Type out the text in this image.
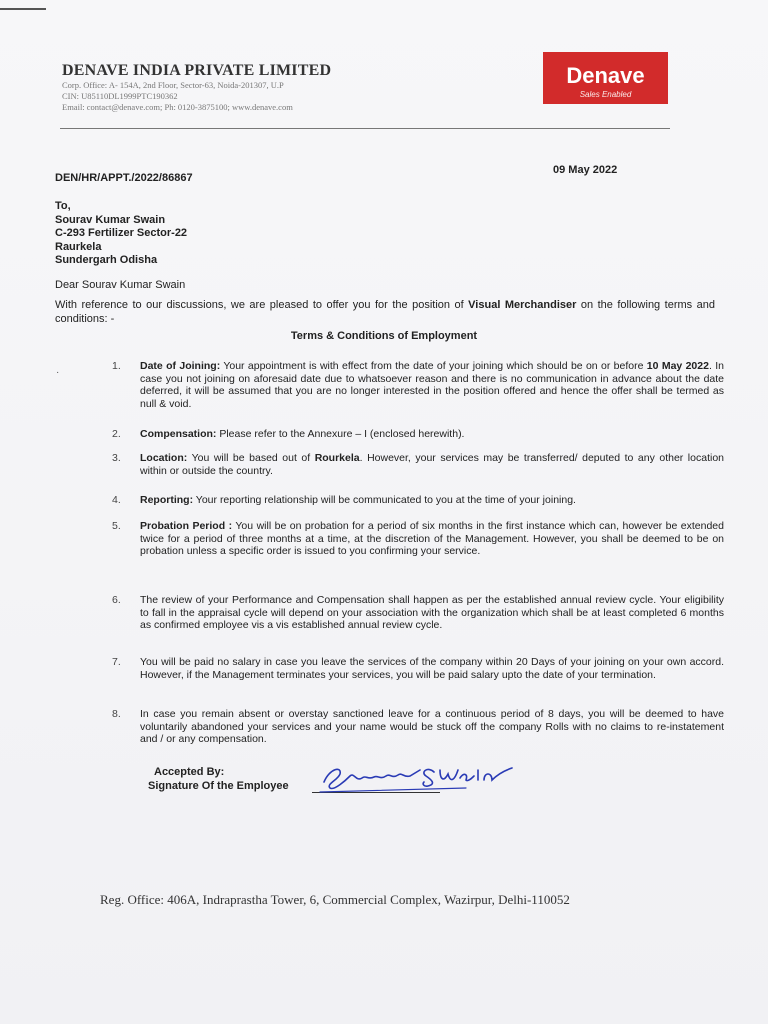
DENAVE INDIA PRIVATE LIMITED
Corp. Office: A- 154A, 2nd Floor, Sector-63, Noida-201307, U.P
CIN: U85110DL1999PTC190362
Email: contact@denave.com; Ph: 0120-3875100; www.denave.com
Denave
Sales Enabled
DEN/HR/APPT./2022/86867
09 May 2022
To,
Sourav Kumar Swain
C-293 Fertilizer Sector-22
Raurkela
Sundergarh Odisha
Dear Sourav Kumar Swain
With reference to our discussions, we are pleased to offer you for the position of Visual Merchandiser on the following terms and conditions: -
Terms & Conditions of Employment
·
1.	Date of Joining: Your appointment is with effect from the date of your joining which should be on or before 10 May 2022. In case you not joining on aforesaid date due to whatsoever reason and there is no communication in advance about the date deferred, it will be assumed that you are no longer interested in the position offered and hence the offer shall be termed as null & void.
2.	Compensation: Please refer to the Annexure – I (enclosed herewith).
3.	Location: You will be based out of Rourkela. However, your services may be transferred/ deputed to any other location within or outside the country.
4.	Reporting: Your reporting relationship will be communicated to you at the time of your joining.
5.	Probation Period : You will be on probation for a period of six months in the first instance which can, however be extended twice for a period of three months at a time, at the discretion of the Management. However, you shall be deemed to be on probation unless a specific order is issued to you confirming your service.
6.	The review of your Performance and Compensation shall happen as per the established annual review cycle. Your eligibility to fall in the appraisal cycle will depend on your association with the organization which shall be at least completed 6 months as confirmed employee vis a vis established annual review cycle.
7.	You will be paid no salary in case you leave the services of the company within 20 Days of your joining on your own accord. However, if the Management terminates your services, you will be paid salary upto the date of your termination.
8.	In case you remain absent or overstay sanctioned leave for a continuous period of 8 days, you will be deemed to have voluntarily abandoned your services and your name would be stuck off the company Rolls with no claims to re-instatement and / or any compensation.
Accepted By:
Signature Of the Employee
Reg. Office: 406A, Indraprastha Tower, 6, Commercial Complex, Wazirpur, Delhi-110052
